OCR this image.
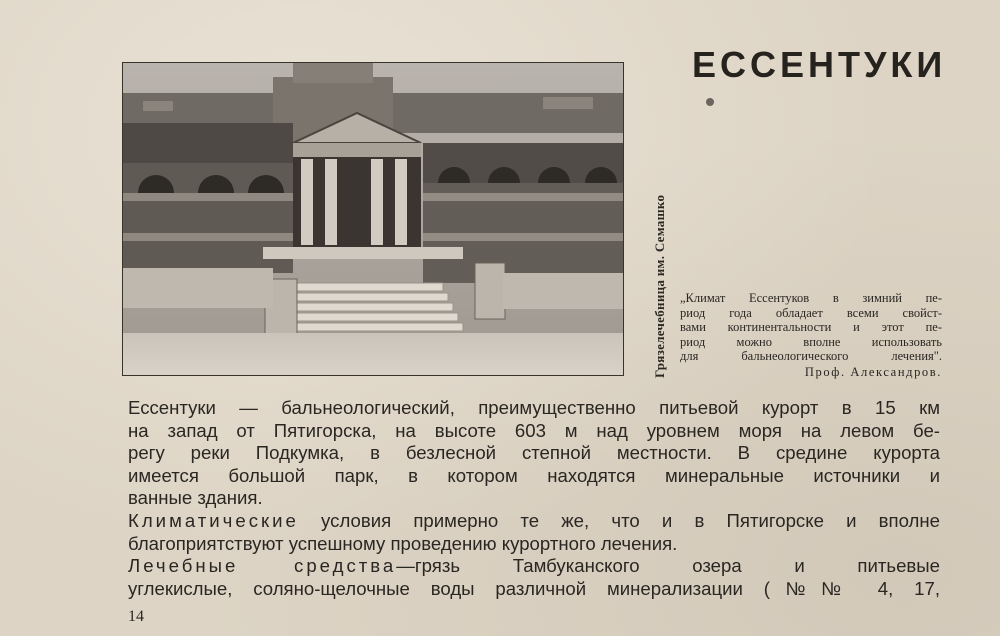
Грязелечебница им. Семашко
ЕССЕНТУКИ
„Климат Ессентуков в зимний пе-
риод года обладает всеми свойст-
вами континентальности и этот пе-
риод можно вполне использовать
для бальнеологического лечения".
Проф. Александров.
Ессентуки — бальнеологический, преимущественно питьевой курорт в 15 км
на запад от Пятигорска, на высоте 603 м над уровнем моря на левом бе-
регу реки Подкумка, в безлесной степной местности. В средине курорта
имеется большой парк, в котором находятся минеральные источники и
ванные здания.
Климатические условия примерно те же, что и в Пятигорске и вполне
благоприятствуют успешному проведению курортного лечения.
Лечебные средства—грязь Тамбуканского озера и питьевые
углекислые, соляно-щелочные воды различной минерализации (№№ 4, 17,
14
